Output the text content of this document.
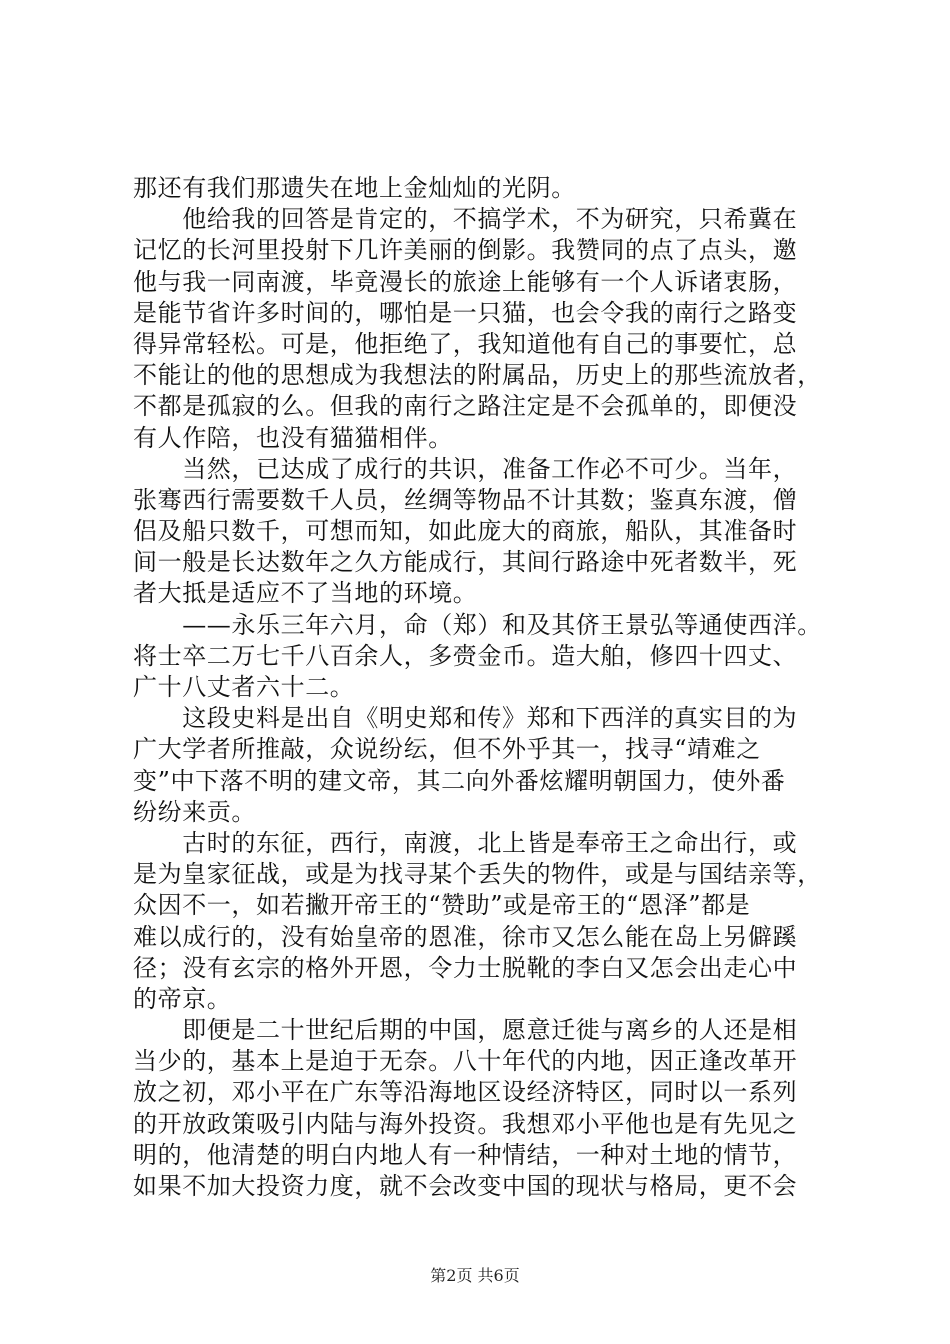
那还有我们那遗失在地上金灿灿的光阴。
　　他给我的回答是肯定的，不搞学术，不为研究，只希冀在
记忆的长河里投射下几许美丽的倒影。我赞同的点了点头，邀
他与我一同南渡，毕竟漫长的旅途上能够有一个人诉诸衷肠，
是能节省许多时间的，哪怕是一只猫，也会令我的南行之路变
得异常轻松。可是，他拒绝了，我知道他有自己的事要忙，总
不能让的他的思想成为我想法的附属品，历史上的那些流放者，
不都是孤寂的么。但我的南行之路注定是不会孤单的，即便没
有人作陪，也没有猫猫相伴。
　　当然，已达成了成行的共识，准备工作必不可少。当年，
张骞西行需要数千人员，丝绸等物品不计其数；鉴真东渡，僧
侣及船只数千，可想而知，如此庞大的商旅，船队，其准备时
间一般是长达数年之久方能成行，其间行路途中死者数半，死
者大抵是适应不了当地的环境。
　　——永乐三年六月，命（郑）和及其侪王景弘等通使西洋。
将士卒二万七千八百余人，多赍金币。造大舶，修四十四丈、
广十八丈者六十二。
　　这段史料是出自《明史郑和传》郑和下西洋的真实目的为
广大学者所推敲，众说纷纭，但不外乎其一，找寻“靖难之
变”中下落不明的建文帝，其二向外番炫耀明朝国力，使外番
纷纷来贡。
　　古时的东征，西行，南渡，北上皆是奉帝王之命出行，或
是为皇家征战，或是为找寻某个丢失的物件，或是与国结亲等，
众因不一，如若撇开帝王的“赞助”或是帝王的“恩泽”都是
难以成行的，没有始皇帝的恩准，徐市又怎么能在岛上另僻蹊
径；没有玄宗的格外开恩，令力士脱靴的李白又怎会出走心中
的帝京。
　　即便是二十世纪后期的中国，愿意迁徙与离乡的人还是相
当少的，基本上是迫于无奈。八十年代的内地，因正逢改革开
放之初，邓小平在广东等沿海地区设经济特区，同时以一系列
的开放政策吸引内陆与海外投资。我想邓小平他也是有先见之
明的，他清楚的明白内地人有一种情结，一种对土地的情节，
如果不加大投资力度，就不会改变中国的现状与格局，更不会
第2页 共6页
